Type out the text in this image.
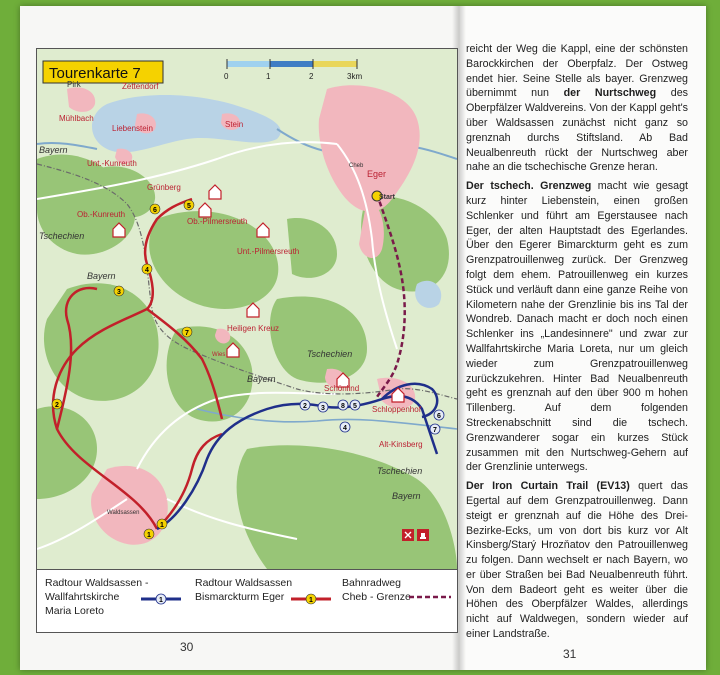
0	1	2	3km
Tourenkarte 7
Pirk	Zettendorf
Mühlbach
Liebenstein	Stein
Bayern
Unt.-Kunreuth
Grünberg
Ob.-Kunreuth
Ob.-Pilmersreuth
Unt.-Pilmersreuth
Tschechien
Bayern
Heiligen Kreuz
Tschechien
Bayern
Schönlind
Schloppenhof
Alt-Kinsberg
Tschechien
Bayern
Waldsassen
Cheb
Eger
Start
Wies
1
1
2
3
4
5
6
7
2 3
4
5
6
7
8
Radtour Waldsassen -
Wallfahrtskirche
Maria Loreto
1
Radtour Waldsassen
Bismarckturm Eger	1
Bahnradweg
Cheb - Grenze
30	31

reicht der Weg die Kappl, eine der schönsten Barockkirchen der Oberpfalz. Der Ostweg endet hier. Seine Stelle als bayer. Grenzweg übernimmt nun der Nurtschweg des Oberpfälzer Waldvereins. Von der Kappl geht's über Waldsassen zunächst nicht ganz so grenznah durchs Stiftsland. Ab Bad Neualbenreuth rückt der Nurtschweg aber nahe an die tschechische Grenze heran.

Der tschech. Grenzweg macht wie gesagt kurz hinter Liebenstein, einen großen Schlenker und führt am Egerstausee nach Eger, der alten Hauptstadt des Egerlandes. Über den Egerer Bimarckturm geht es zum Grenzpatrouillenweg zurück. Der Grenzweg folgt dem ehem. Patrouillenweg ein kurzes Stück und verläuft dann eine ganze Reihe von Kilometern nahe der Grenzlinie bis ins Tal der Wondreb. Danach macht er doch noch einen Schlenker ins „Landesinnere" und zwar zur Wallfahrtskirche Maria Loreta, nur um gleich wieder zum Grenzpatrouillenweg zurückzukehren. Hinter Bad Neualbenreuth geht es grenznah auf den über 900 m hohen Tillenberg. Auf dem folgenden Streckenabschnitt sind die tschech. Grenzwanderer sogar ein kurzes Stück zusammen mit den Nurtschweg-Gehern auf der Grenzlinie unterwegs.

Der Iron Curtain Trail (EV13) quert das Egertal auf dem Grenzpatrouillenweg. Dann steigt er grenznah auf die Höhe des Drei-Bezirke-Ecks, um von dort bis kurz vor Alt Kinsberg/Starý Hrozňatov den Patrouillenweg zu folgen. Dann wechselt er nach Bayern, wo er über Straßen bei Bad Neualbenreuth führt. Von dem Badeort geht es weiter über die Höhen des Oberpfälzer Waldes, allerdings nicht auf Waldwegen, sondern wieder auf einer Landstraße.
